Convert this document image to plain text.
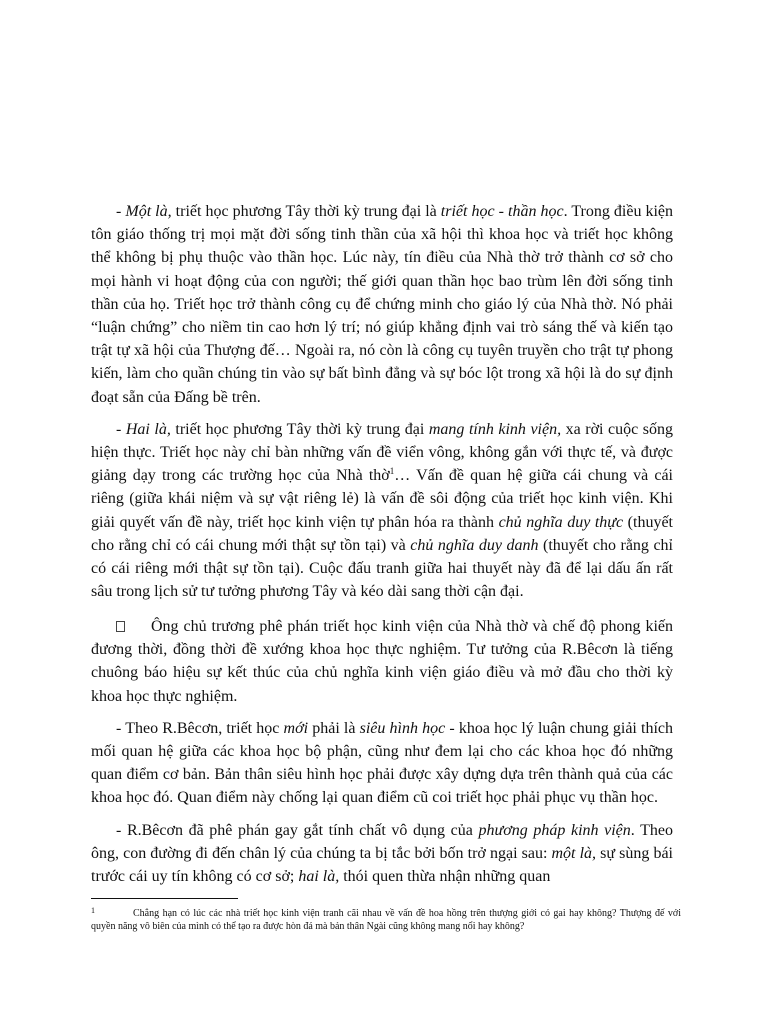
- Một là, triết học phương Tây thời kỳ trung đại là triết học - thần học. Trong điều kiện tôn giáo thống trị mọi mặt đời sống tinh thần của xã hội thì khoa học và triết học không thể không bị phụ thuộc vào thần học. Lúc này, tín điều của Nhà thờ trở thành cơ sở cho mọi hành vi hoạt động của con người; thế giới quan thần học bao trùm lên đời sống tinh thần của họ. Triết học trở thành công cụ để chứng minh cho giáo lý của Nhà thờ. Nó phải “luận chứng” cho niềm tin cao hơn lý trí; nó giúp khẳng định vai trò sáng thế và kiến tạo trật tự xã hội của Thượng đế… Ngoài ra, nó còn là công cụ tuyên truyền cho trật tự phong kiến, làm cho quần chúng tin vào sự bất bình đẳng và sự bóc lột trong xã hội là do sự định đoạt sẵn của Đấng bề trên.

- Hai là, triết học phương Tây thời kỳ trung đại mang tính kinh viện, xa rời cuộc sống hiện thực. Triết học này chỉ bàn những vấn đề viển vông, không gắn với thực tế, và được giảng dạy trong các trường học của Nhà thờ$^1$… Vấn đề quan hệ giữa cái chung và cái riêng (giữa khái niệm và sự vật riêng lẻ) là vấn đề sôi động của triết học kinh viện. Khi giải quyết vấn đề này, triết học kinh viện tự phân hóa ra thành chủ nghĩa duy thực (thuyết cho rằng chỉ có cái chung mới thật sự tồn tại) và chủ nghĩa duy danh (thuyết cho rằng chỉ có cái riêng mới thật sự tồn tại). Cuộc đấu tranh giữa hai thuyết này đã để lại dấu ấn rất sâu trong lịch sử tư tưởng phương Tây và kéo dài sang thời cận đại.

Ông chủ trương phê phán triết học kinh viện của Nhà thờ và chế độ phong kiến đương thời, đồng thời đề xướng khoa học thực nghiệm. Tư tưởng của R.Bêcơn là tiếng chuông báo hiệu sự kết thúc của chủ nghĩa kinh viện giáo điều và mở đầu cho thời kỳ khoa học thực nghiệm.

- Theo R.Bêcơn, triết học mới phải là siêu hình học - khoa học lý luận chung giải thích mối quan hệ giữa các khoa học bộ phận, cũng như đem lại cho các khoa học đó những quan điểm cơ bản. Bản thân siêu hình học phải được xây dựng dựa trên thành quả của các khoa học đó. Quan điểm này chống lại quan điểm cũ coi triết học phải phục vụ thần học.

- R.Bêcơn đã phê phán gay gắt tính chất vô dụng của phương pháp kinh viện. Theo ông, con đường đi đến chân lý của chúng ta bị tắc bởi bốn trở ngại sau: một là, sự sùng bái trước cái uy tín không có cơ sở; hai là, thói quen thừa nhận những quan

1	Chẳng hạn có lúc các nhà triết học kinh viện tranh cãi nhau về vấn đề hoa hồng trên thượng giới có gai hay không? Thượng đế với quyền năng vô biên của mình có thể tạo ra được hòn đá mà bản thân Ngài cũng không mang nổi hay không?
